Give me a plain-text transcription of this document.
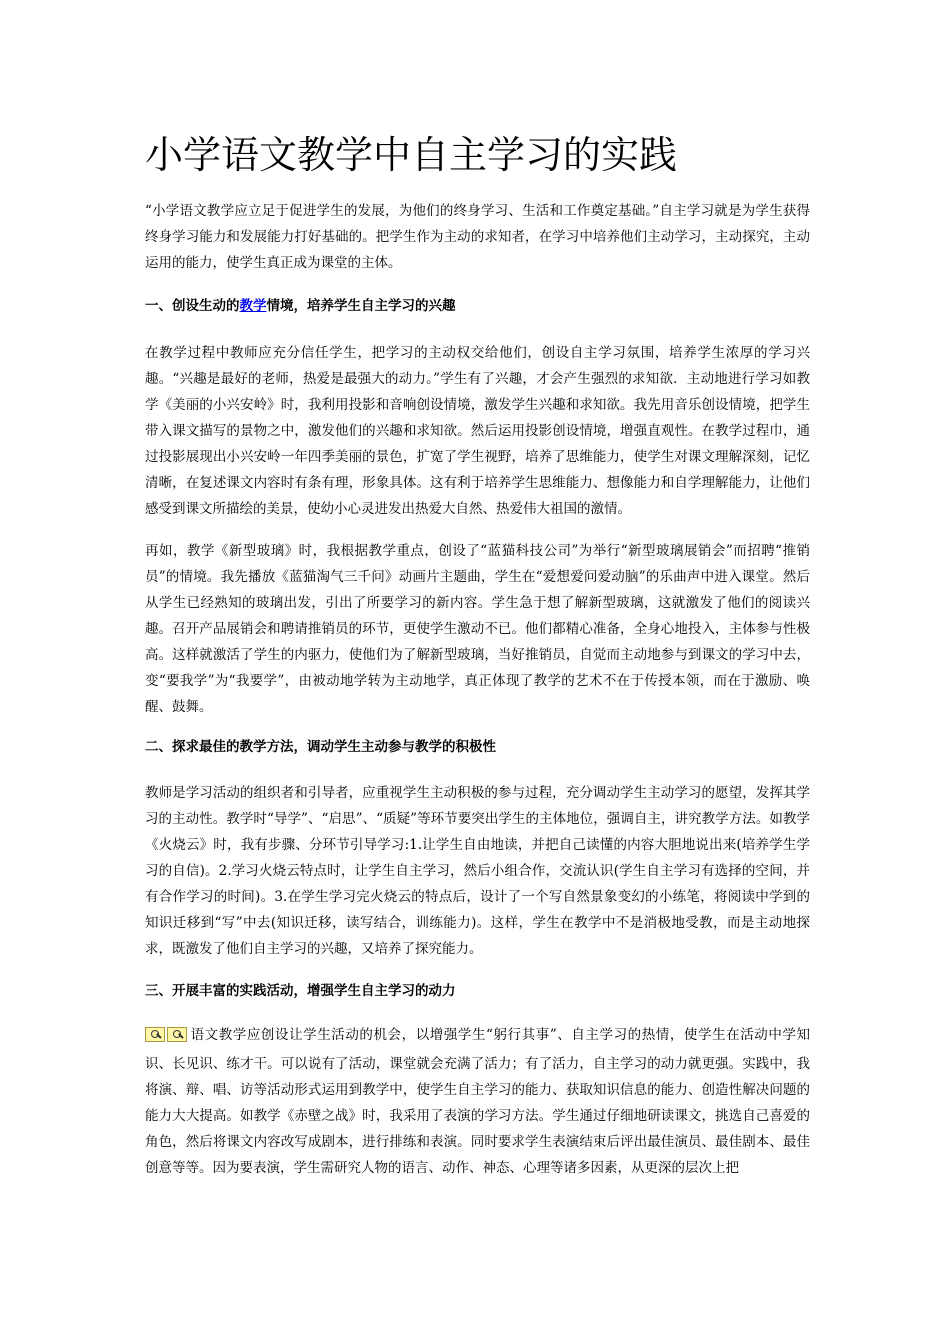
小学语文教学中自主学习的实践

“小学语文教学应立足于促进学生的发展，为他们的终身学习、生活和工作奠定基础。”自主学习就是为学生获得终身学习能力和发展能力打好基础的。把学生作为主动的求知者，在学习中培养他们主动学习，主动探究，主动运用的能力，使学生真正成为课堂的主体。

一、创设生动的教学情境，培养学生自主学习的兴趣

在教学过程中教师应充分信任学生，把学习的主动权交给他们，创设自主学习氛围，培养学生浓厚的学习兴趣。“兴趣是最好的老师，热爱是最强大的动力。”学生有了兴趣，才会产生强烈的求知欲．主动地进行学习如教学《美丽的小兴安岭》时，我利用投影和音响创设情境，激发学生兴趣和求知欲。我先用音乐创设情境，把学生带入课文描写的景物之中，激发他们的兴趣和求知欲。然后运用投影创设情境，增强直观性。在教学过程巾，通过投影展现出小兴安岭一年四季美丽的景色，扩宽了学生视野，培养了思维能力，使学生对课文理解深刻，记忆清晰，在复述课文内容时有条有理，形象具体。这有利于培养学生思维能力、想像能力和自学理解能力，让他们感受到课文所描绘的美景，使幼小心灵进发出热爱大自然、热爱伟大祖国的激情。

再如，教学《新型玻璃》时，我根据教学重点，创设了“蓝猫科技公司”为举行“新型玻璃展销会”而招聘“推销员”的情境。我先播放《蓝猫淘气三千问》动画片主题曲，学生在“爱想爱问爱动脑”的乐曲声中进入课堂。然后从学生已经熟知的玻璃出发，引出了所要学习的新内容。学生急于想了解新型玻璃，这就激发了他们的阅读兴趣。召开产品展销会和聘请推销员的环节，更使学生激动不已。他们都精心准备，全身心地投入，主体参与性极高。这样就激活了学生的内驱力，使他们为了解新型玻璃，当好推销员，自觉而主动地参与到课文的学习中去，变“要我学”为“我要学”，由被动地学转为主动地学，真正体现了教学的艺术不在于传授本领，而在于激励、唤醒、鼓舞。

二、探求最佳的教学方法，调动学生主动参与教学的积极性

教师是学习活动的组织者和引导者，应重视学生主动积极的参与过程，充分调动学生主动学习的愿望，发挥其学习的主动性。教学时“导学”、“启思”、“质疑”等环节要突出学生的主体地位，强调自主，讲究教学方法。如教学《火烧云》时，我有步骤、分环节引导学习:1.让学生自由地读，并把自己读懂的内容大胆地说出来(培养学生学习的自信)。2.学习火烧云特点时，让学生自主学习，然后小组合作，交流认识(学生自主学习有选择的空间，并有合作学习的时间)。3.在学生学习完火烧云的特点后，设计了一个写自然景象变幻的小练笔，将阅读中学到的知识迁移到“写”中去(知识迁移，读写结合，训练能力)。这样，学生在教学中不是消极地受教，而是主动地探求，既激发了他们自主学习的兴趣，又培养了探究能力。

三、开展丰富的实践活动，增强学生自主学习的动力

语文教学应创设让学生活动的机会，以增强学生“躬行其事”、自主学习的热情，使学生在活动中学知识、长见识、练才干。可以说有了活动，课堂就会充满了活力；有了活力，自主学习的动力就更强。实践中，我将演、辩、唱、访等活动形式运用到教学中，使学生自主学习的能力、获取知识信息的能力、创造性解决问题的能力大大提高。如教学《赤壁之战》时，我采用了表演的学习方法。学生通过仔细地研读课文，挑选自己喜爱的角色，然后将课文内容改写成剧本，进行排练和表演。同时要求学生表演结束后评出最佳演员、最佳剧本、最佳创意等等。因为要表演，学生需研究人物的语言、动作、神态、心理等诸多因素，从更深的层次上把
